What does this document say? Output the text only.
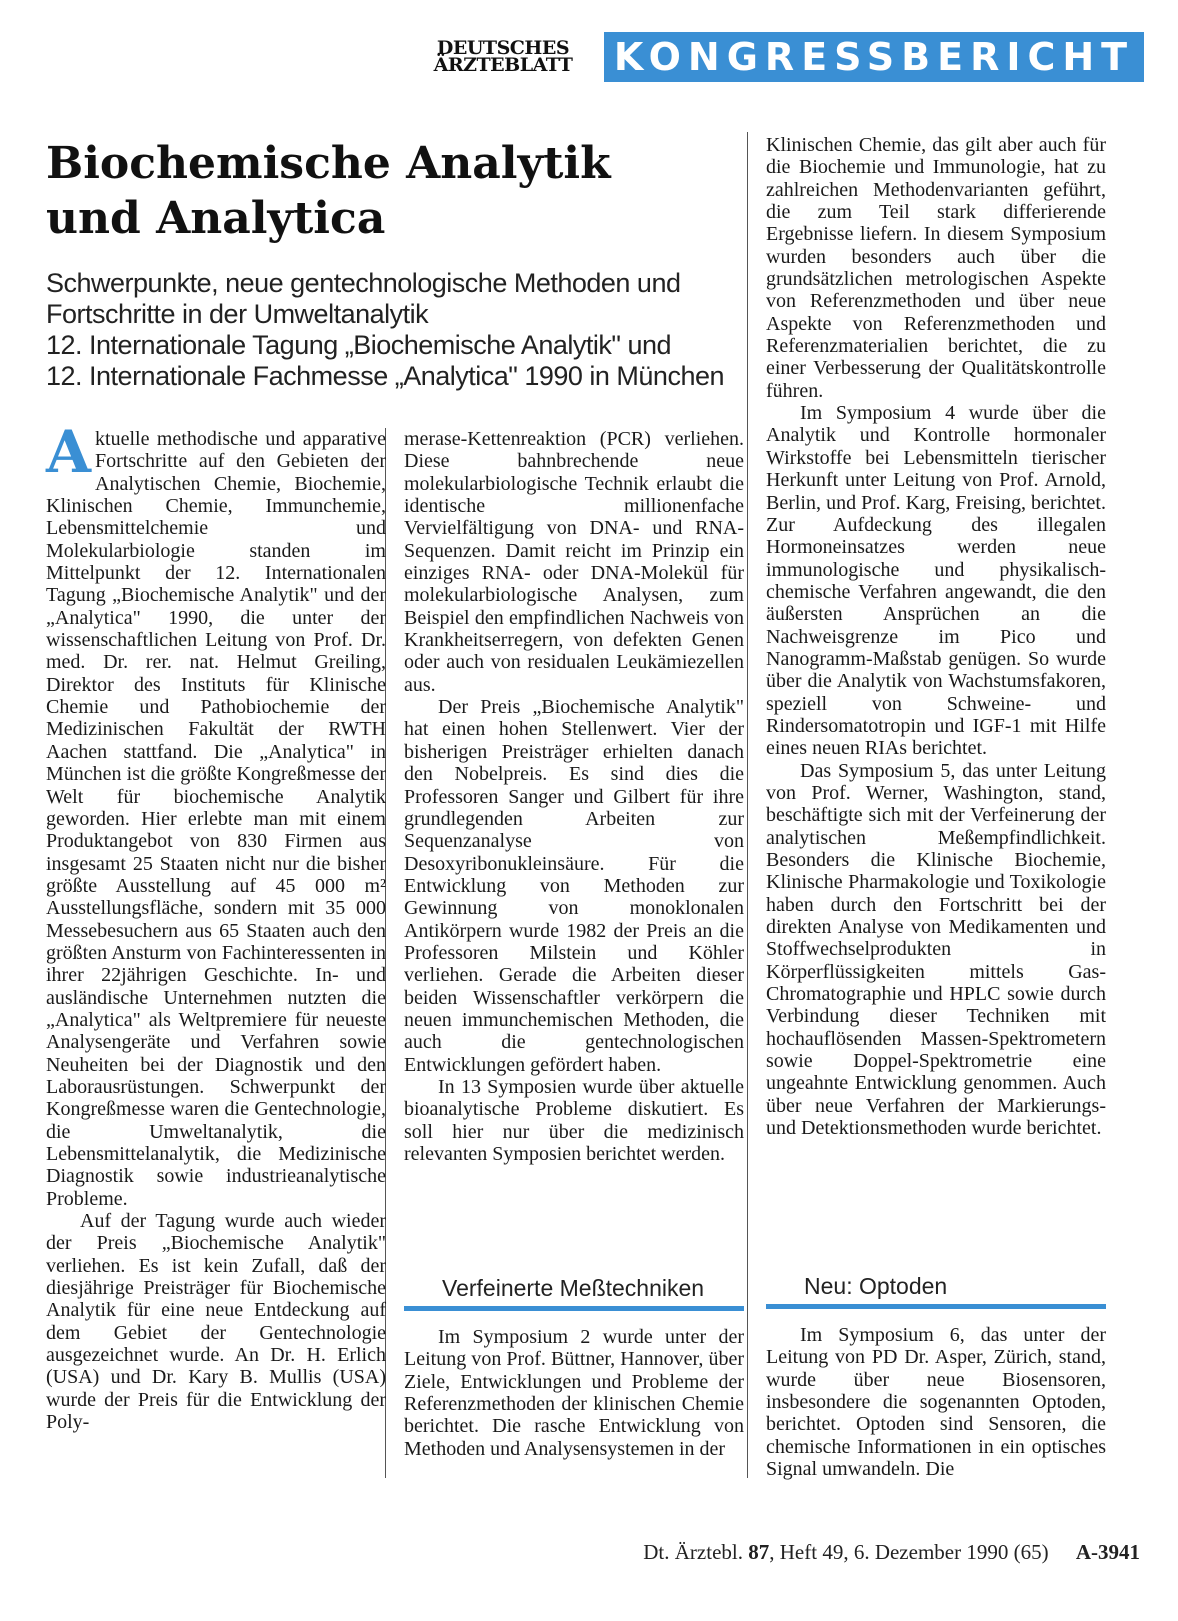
DEUTSCHES
ÄRZTEBLATT	KONGRESSBERICHT
Biochemische Analytik
und Analytica
Schwerpunkte, neue gentechnologische Methoden und
Fortschritte in der Umweltanalytik
12. Internationale Tagung „Biochemische Analytik" und
12. Internationale Fachmesse „Analytica" 1990 in München

Aktuelle methodische und apparative Fortschritte auf den Gebieten der Analytischen Chemie, Biochemie, Klinischen Chemie, Immunchemie, Lebensmittelchemie und Molekularbiologie standen im Mittelpunkt der 12. Internationalen Tagung „Biochemische Analytik" und der „Analytica" 1990, die unter der wissenschaftlichen Leitung von Prof. Dr. med. Dr. rer. nat. Helmut Greiling, Direktor des Instituts für Klinische Chemie und Pathobiochemie der Medizinischen Fakultät der RWTH Aachen stattfand. Die „Analytica" in München ist die größte Kongreßmesse der Welt für biochemische Analytik geworden. Hier erlebte man mit einem Produktangebot von 830 Firmen aus insgesamt 25 Staaten nicht nur die bisher größte Ausstellung auf 45 000 m² Ausstellungsfläche, sondern mit 35 000 Messebesuchern aus 65 Staaten auch den größten Ansturm von Fachinteressenten in ihrer 22jährigen Geschichte. In- und ausländische Unternehmen nutzten die „Analytica" als Weltpremiere für neueste Analysengeräte und Verfahren sowie Neuheiten bei der Diagnostik und den Laborausrüstungen. Schwerpunkt der Kongreßmesse waren die Gentechnologie, die Umweltanalytik, die Lebensmittelanalytik, die Medizinische Diagnostik sowie industrieanalytische Probleme.

Auf der Tagung wurde auch wieder der Preis „Biochemische Analytik" verliehen. Es ist kein Zufall, daß der diesjährige Preisträger für Biochemische Analytik für eine neue Entdeckung auf dem Gebiet der Gentechnologie ausgezeichnet wurde. An Dr. H. Erlich (USA) und Dr. Kary B. Mullis (USA) wurde der Preis für die Entwicklung der Poly-

merase-Kettenreaktion (PCR) verliehen. Diese bahnbrechende neue molekularbiologische Technik erlaubt die identische millionenfache Vervielfältigung von DNA- und RNA-Sequenzen. Damit reicht im Prinzip ein einziges RNA- oder DNA-Molekül für molekularbiologische Analysen, zum Beispiel den empfindlichen Nachweis von Krankheitserregern, von defekten Genen oder auch von residualen Leukämiezellen aus.

Der Preis „Biochemische Analytik" hat einen hohen Stellenwert. Vier der bisherigen Preisträger erhielten danach den Nobelpreis. Es sind dies die Professoren Sanger und Gilbert für ihre grundlegenden Arbeiten zur Sequenzanalyse von Desoxyribonukleinsäure. Für die Entwicklung von Methoden zur Gewinnung von monoklonalen Antikörpern wurde 1982 der Preis an die Professoren Milstein und Köhler verliehen. Gerade die Arbeiten dieser beiden Wissenschaftler verkörpern die neuen immunchemischen Methoden, die auch die gentechnologischen Entwicklungen gefördert haben.

In 13 Symposien wurde über aktuelle bioanalytische Probleme diskutiert. Es soll hier nur über die medizinisch relevanten Symposien berichtet werden.

Verfeinerte Meßtechniken

Im Symposium 2 wurde unter der Leitung von Prof. Büttner, Hannover, über Ziele, Entwicklungen und Probleme der Referenzmethoden der klinischen Chemie berichtet. Die rasche Entwicklung von Methoden und Analysensystemen in der

Klinischen Chemie, das gilt aber auch für die Biochemie und Immunologie, hat zu zahlreichen Methodenvarianten geführt, die zum Teil stark differierende Ergebnisse liefern. In diesem Symposium wurden besonders auch über die grundsätzlichen metrologischen Aspekte von Referenzmethoden und über neue Aspekte von Referenzmethoden und Referenzmaterialien berichtet, die zu einer Verbesserung der Qualitätskontrolle führen.

Im Symposium 4 wurde über die Analytik und Kontrolle hormonaler Wirkstoffe bei Lebensmitteln tierischer Herkunft unter Leitung von Prof. Arnold, Berlin, und Prof. Karg, Freising, berichtet. Zur Aufdeckung des illegalen Hormoneinsatzes werden neue immunologische und physikalisch-chemische Verfahren angewandt, die den äußersten Ansprüchen an die Nachweisgrenze im Pico und Nanogramm-Maßstab genügen. So wurde über die Analytik von Wachstumsfakoren, speziell von Schweine- und Rindersomatotropin und IGF-1 mit Hilfe eines neuen RIAs berichtet.

Das Symposium 5, das unter Leitung von Prof. Werner, Washington, stand, beschäftigte sich mit der Verfeinerung der analytischen Meßempfindlichkeit. Besonders die Klinische Biochemie, Klinische Pharmakologie und Toxikologie haben durch den Fortschritt bei der direkten Analyse von Medikamenten und Stoffwechselprodukten in Körperflüssigkeiten mittels Gas-Chromatographie und HPLC sowie durch Verbindung dieser Techniken mit hochauflösenden Massen-Spektrometern sowie Doppel-Spektrometrie eine ungeahnte Entwicklung genommen. Auch über neue Verfahren der Markierungs- und Detektionsmethoden wurde berichtet.

Neu: Optoden

Im Symposium 6, das unter der Leitung von PD Dr. Asper, Zürich, stand, wurde über neue Biosensoren, insbesondere die sogenannten Optoden, berichtet. Optoden sind Sensoren, die chemische Informationen in ein optisches Signal umwandeln. Die

Dt. Ärztebl. 87, Heft 49, 6. Dezember 1990 (65) A-3941
